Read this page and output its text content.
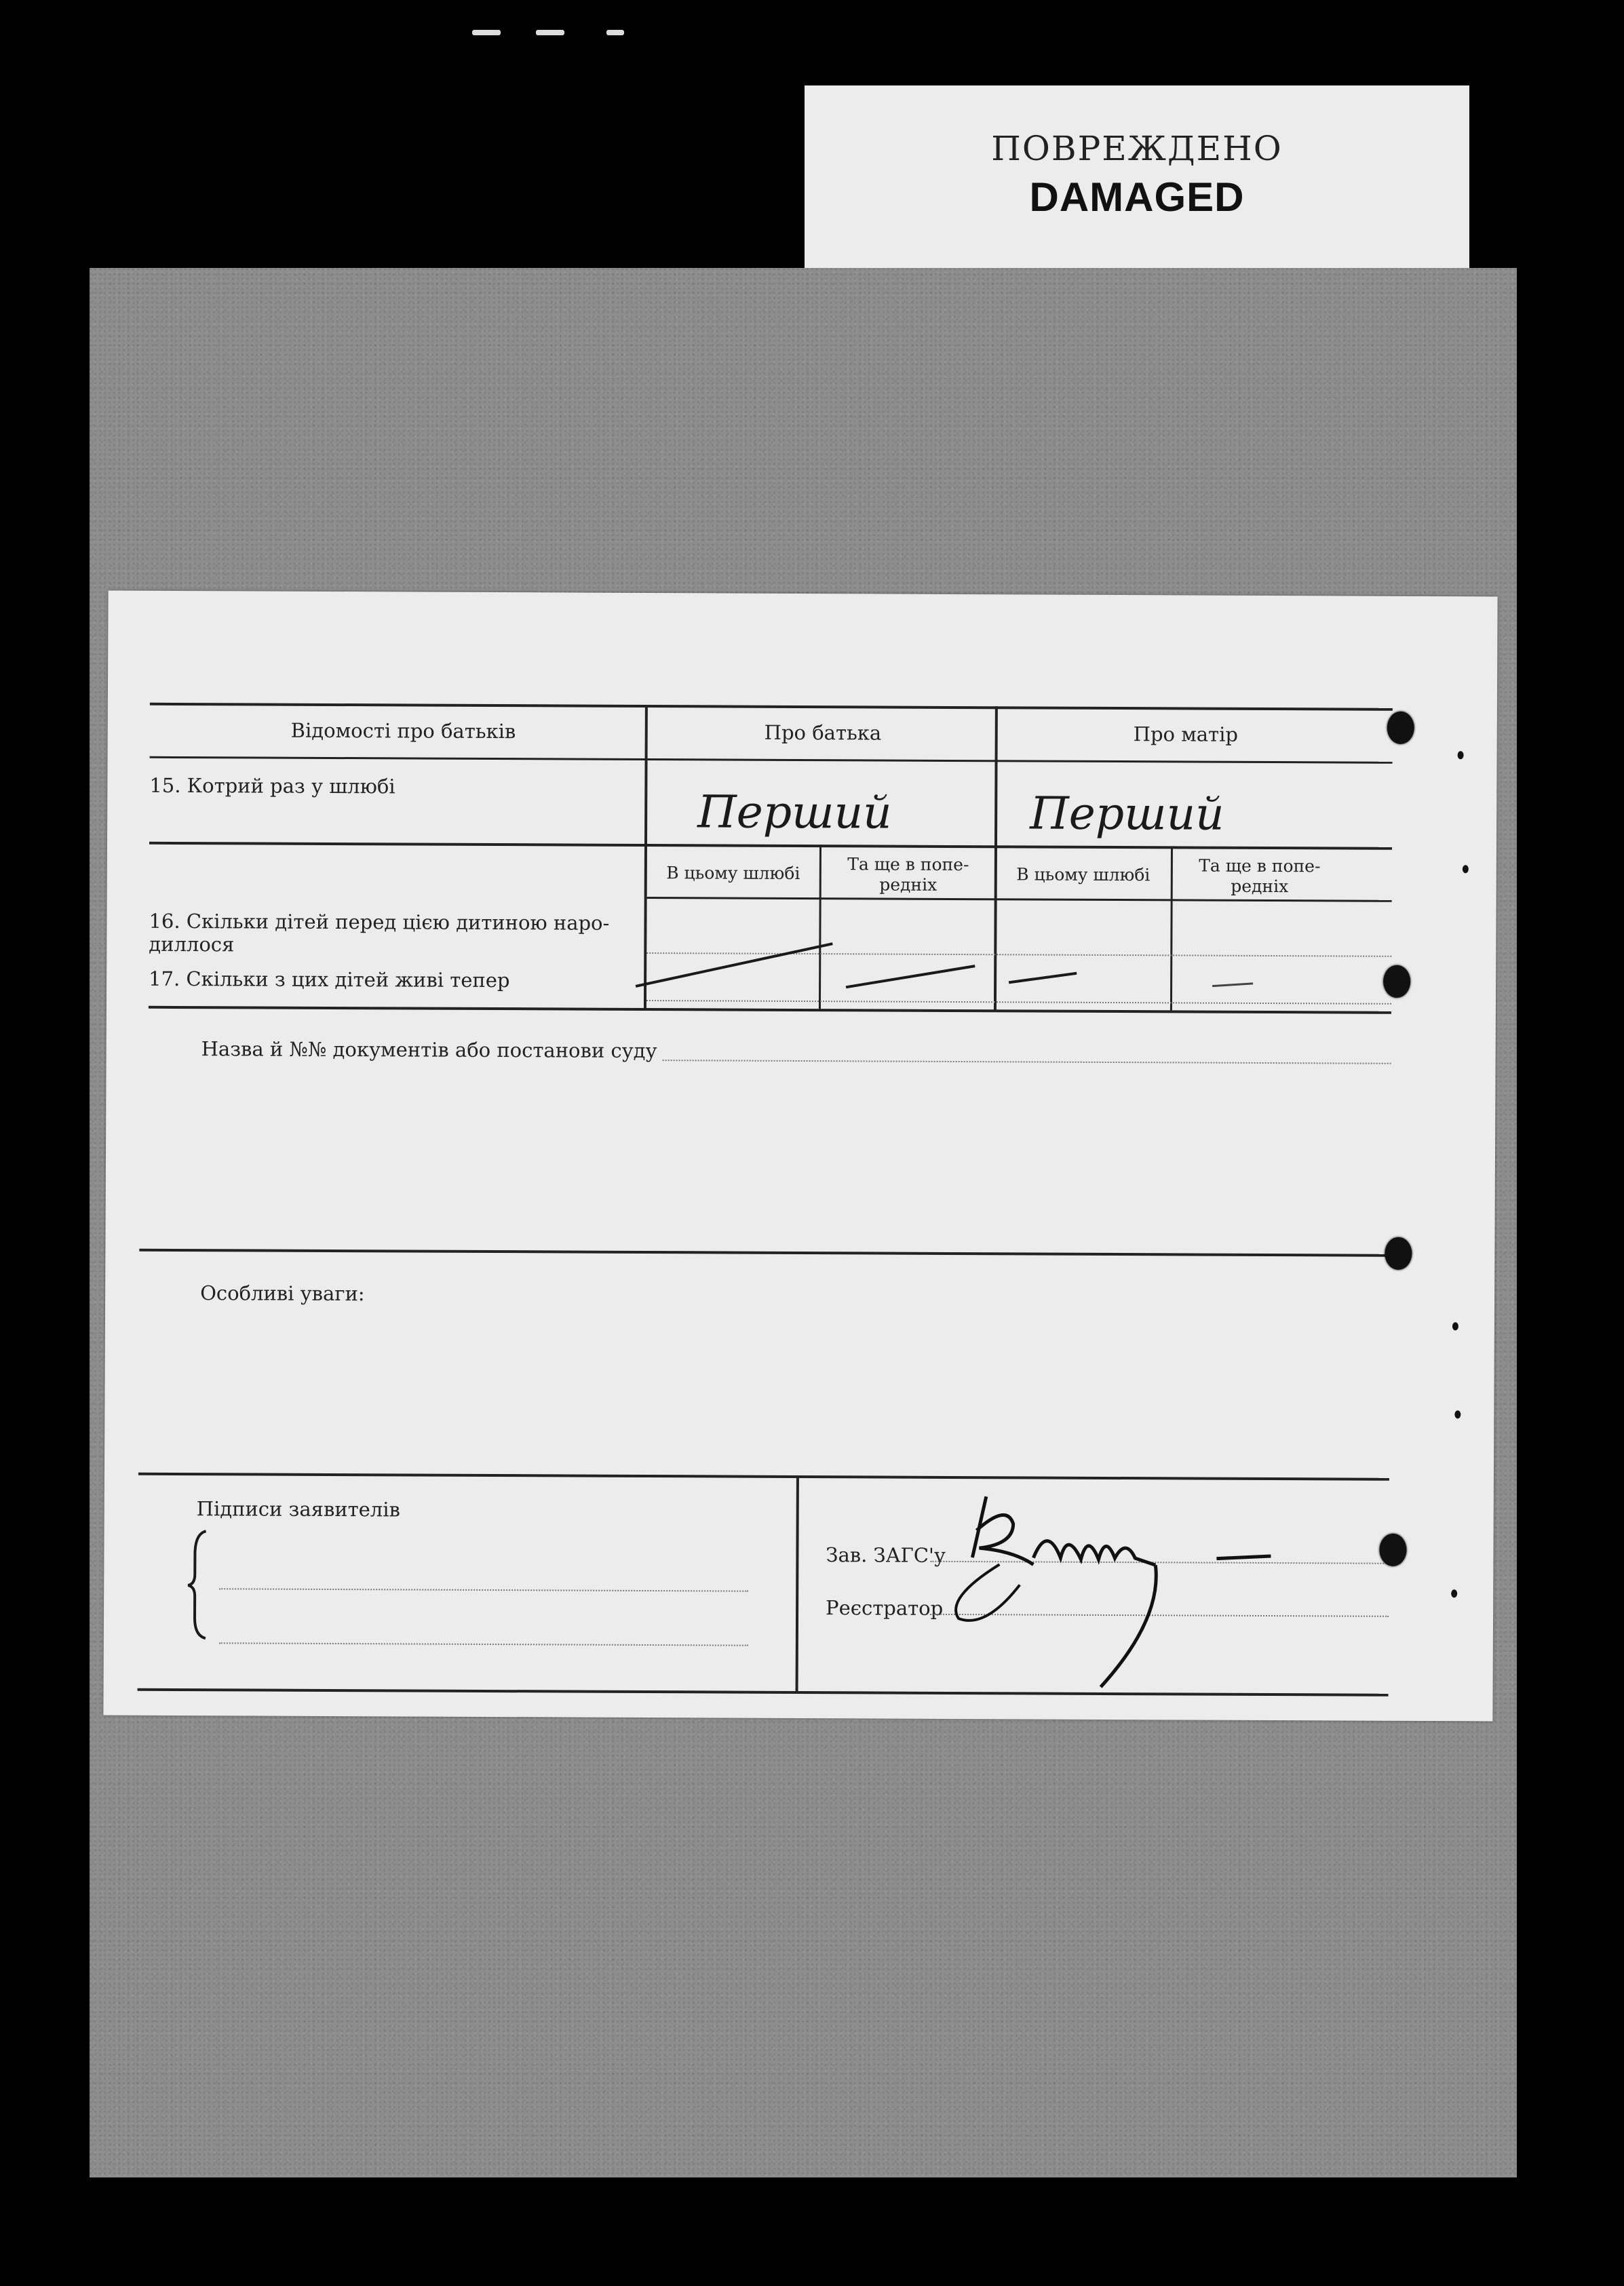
ПОВРЕЖДЕНО
DAMAGED
Відомості про батьків	Про батька	Про матір
15. Котрий раз у шлюбі	Перший	Перший
В цьому шлюбі	Та ще в попе-редніх	В цьому шлюбі	Та ще в попе-редніх
16. Скільки дітей перед цією дитиною наро-диллося
17. Скільки з цих дітей живі тепер
Назва й №№ документів або постанови суду
Особливі уваги:
Підписи заявителів
Зав. ЗАГС'у
Реєстратор
